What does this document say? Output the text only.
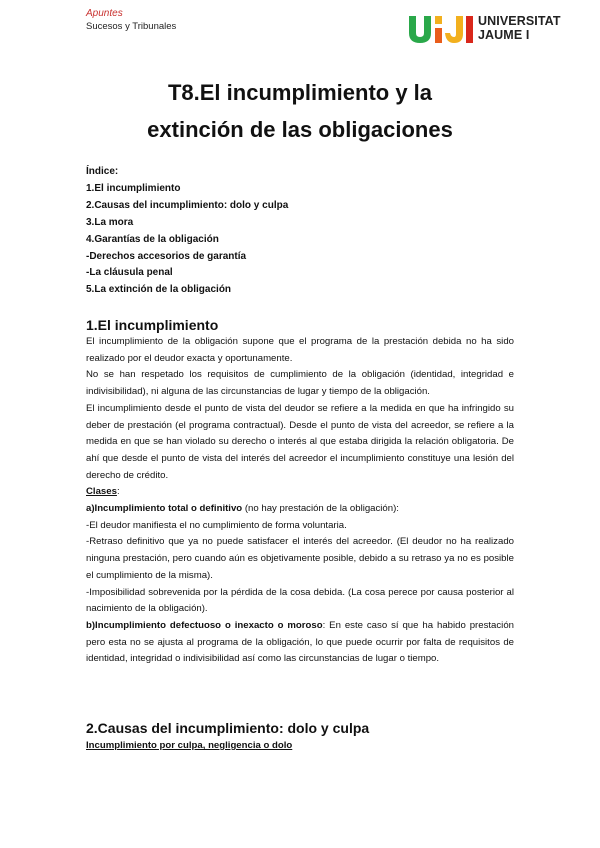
Apuntes
Sucesos y Tribunales	UNIVERSITAT
JAUME I
T8.El incumplimiento y la
extinción de las obligaciones
Índice:
1.El incumplimiento
2.Causas del incumplimiento: dolo y culpa
3.La mora
4.Garantías de la obligación
-Derechos accesorios de garantía
-La cláusula penal
5.La extinción de la obligación
1.El incumplimiento

El incumplimiento de la obligación supone que el programa de la prestación debida no ha sido realizado por el deudor exacta y oportunamente.

No se han respetado los requisitos de cumplimiento de la obligación (identidad, integridad e indivisibilidad), ni alguna de las circunstancias de lugar y tiempo de la obligación.

El incumplimiento desde el punto de vista del deudor se refiere a la medida en que ha infringido su deber de prestación (el programa contractual). Desde el punto de vista del acreedor, se refiere a la medida en que se han violado su derecho o interés al que estaba dirigida la relación obligatoria. De ahí que desde el punto de vista del interés del acreedor el incumplimiento constituye una lesión del derecho de crédito.

Clases:

a)Incumplimiento total o definitivo (no hay prestación de la obligación):

-El deudor manifiesta el no cumplimiento de forma voluntaria.

-Retraso definitivo que ya no puede satisfacer el interés del acreedor. (El deudor no ha realizado ninguna prestación, pero cuando aún es objetivamente posible, debido a su retraso ya no es posible el cumplimiento de la misma).

-Imposibilidad sobrevenida por la pérdida de la cosa debida. (La cosa perece por causa posterior al nacimiento de la obligación).

b)Incumplimiento defectuoso o inexacto o moroso: En este caso sí que ha habido prestación pero esta no se ajusta al programa de la obligación, lo que puede ocurrir por falta de requisitos de identidad, integridad o indivisibilidad así como las circunstancias de lugar o tiempo.

2.Causas del incumplimiento: dolo y culpa
Incumplimiento por culpa, negligencia o dolo
